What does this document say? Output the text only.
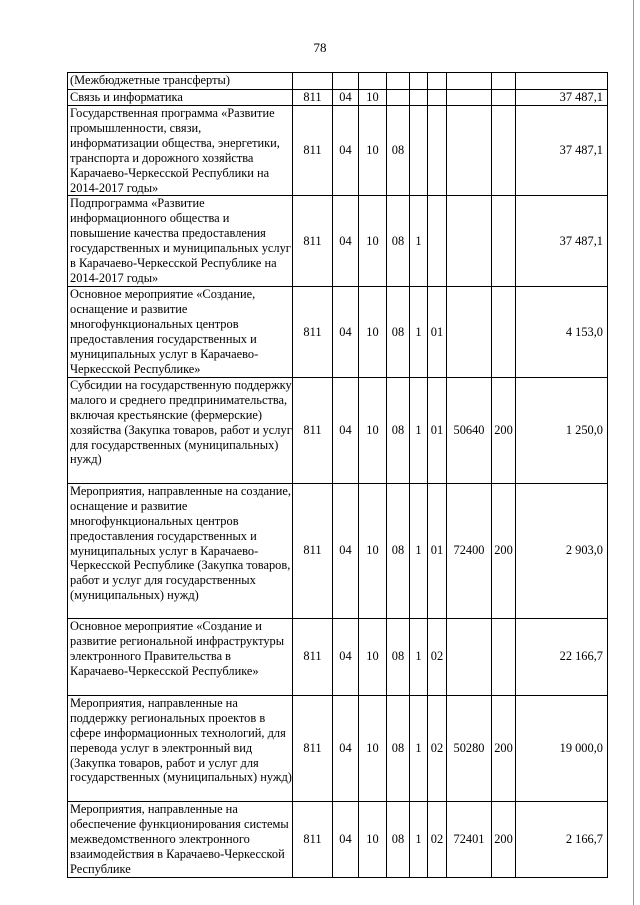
78
(Межбюджетные трансферты)									
Связь и информатика	811	04	10						37 487,1
Государственная программа «Развитие промышленности, связи, информатизации общества, энергетики, транспорта и дорожного хозяйства Карачаево-Черкесской Республики на 2014-2017 годы»	811	04	10	08					37 487,1
Подпрограмма «Развитие информационного общества и повышение качества предоставления государственных и муниципальных услуг в Карачаево-Черкесской Республике на 2014-2017 годы»	811	04	10	08	1				37 487,1
Основное мероприятие «Создание, оснащение и развитие многофункциональных центров предоставления государственных и муниципальных услуг в Карачаево-Черкесской Республике»	811	04	10	08	1	01			4 153,0
Субсидии на государственную поддержку малого и среднего предпринимательства, включая крестьянские (фермерские) хозяйства (Закупка товаров, работ и услуг для государственных (муниципальных) нужд)	811	04	10	08	1	01	50640	200	1 250,0
Мероприятия, направленные на создание, оснащение и развитие многофункциональных центров предоставления государственных и муниципальных услуг в Карачаево-Черкесской Республике (Закупка товаров, работ и услуг для государственных (муниципальных) нужд)	811	04	10	08	1	01	72400	200	2 903,0
Основное мероприятие «Создание и развитие региональной инфраструктуры электронного Правительства в Карачаево-Черкесской Республике»	811	04	10	08	1	02			22 166,7
Мероприятия, направленные на поддержку региональных проектов в сфере информационных технологий, для перевода услуг в электронный вид (Закупка товаров, работ и услуг для государственных (муниципальных) нужд)	811	04	10	08	1	02	50280	200	19 000,0
Мероприятия, направленные на обеспечение функционирования системы межведомственного электронного взаимодействия в Карачаево-Черкесской Республике	811	04	10	08	1	02	72401	200	2 166,7
